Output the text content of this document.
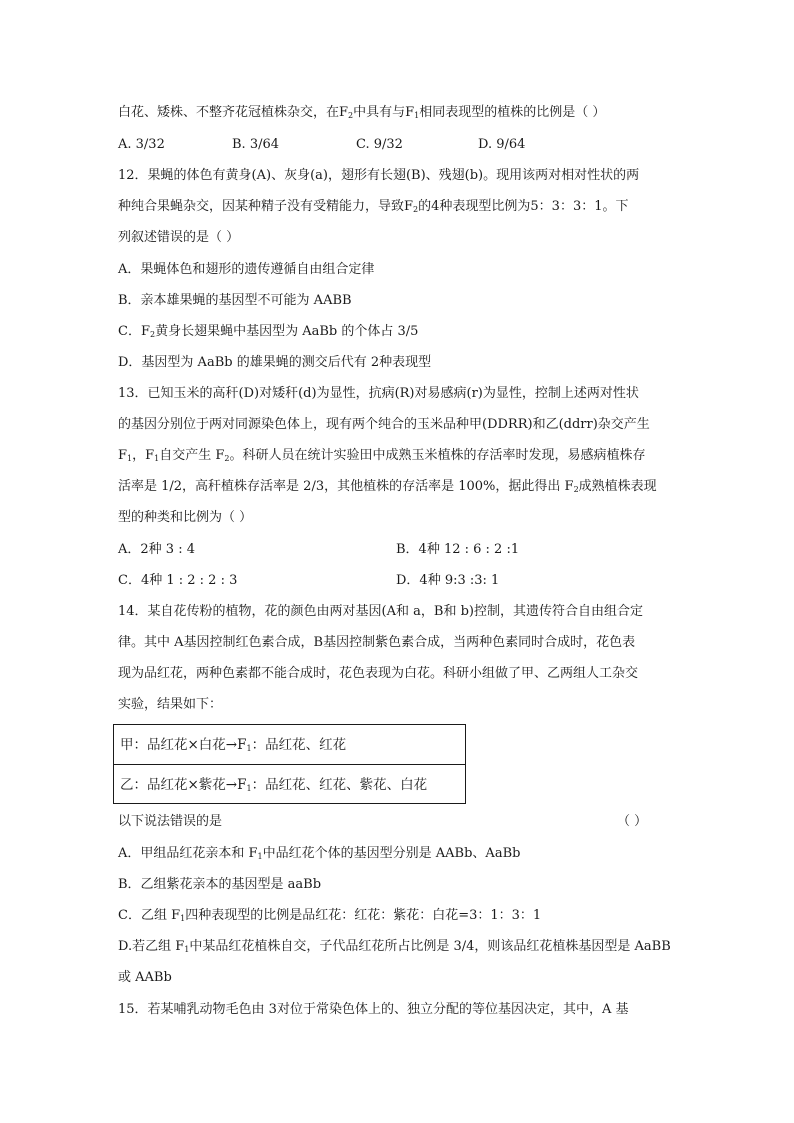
白花、矮株、不整齐花冠植株杂交，在$F_2$中具有与$F_1$相同表现型的植株的比例是（ ）
A. 3/32	B. 3/64	C. 9/32	D. 9/64
12．果蝇的体色有黄身(A)、灰身(a)，翅形有长翅(B)、残翅(b)。现用该两对相对性状的两
种纯合果蝇杂交，因某种精子没有受精能力，导致$F_2$的4种表现型比例为5：3：3：1。下
列叙述错误的是（ ）
A．果蝇体色和翅形的遗传遵循自由组合定律
B．亲本雄果蝇的基因型不可能为 AABB
C．$F_2$黄身长翅果蝇中基因型为 AaBb 的个体占 3/5
D．基因型为 AaBb 的雄果蝇的测交后代有 2种表现型
13．已知玉米的高秆(D)对矮秆(d)为显性，抗病(R)对易感病(r)为显性，控制上述两对性状
的基因分别位于两对同源染色体上，现有两个纯合的玉米品种甲(DDRR)和乙(ddrr)杂交产生
$F_1$，$F_1$自交产生 $F_2$。科研人员在统计实验田中成熟玉米植株的存活率时发现，易感病植株存
活率是 1/2，高秆植株存活率是 2/3，其他植株的存活率是 100%，据此得出 $F_2$成熟植株表现
型的种类和比例为（ ）
A．2种 3 : 4	B．4种 12 : 6 : 2 :1
C．4种 1 : 2 : 2 : 3	D．4种 9:3 :3: 1
14．某自花传粉的植物，花的颜色由两对基因(A和 a，B和 b)控制，其遗传符合自由组合定
律。其中 A基因控制红色素合成，B基因控制紫色素合成，当两种色素同时合成时，花色表
现为品红花，两种色素都不能合成时，花色表现为白花。科研小组做了甲、乙两组人工杂交
实验，结果如下：
甲：品红花×白花$\to F_1$：品红花、红花
乙：品红花×紫花$\to F_1$：品红花、红花、紫花、白花
以下说法错误的是	（ ）
A．甲组品红花亲本和 $F_1$中品红花个体的基因型分别是 AABb、AaBb
B．乙组紫花亲本的基因型是 aaBb
C．乙组 $F_1$四种表现型的比例是品红花：红花：紫花：白花=3：1：3：1
D.若乙组 $F_1$中某品红花植株自交，子代品红花所占比例是 3/4，则该品红花植株基因型是 AaBB
或 AABb
15．若某哺乳动物毛色由 3对位于常染色体上的、独立分配的等位基因决定，其中，A 基
